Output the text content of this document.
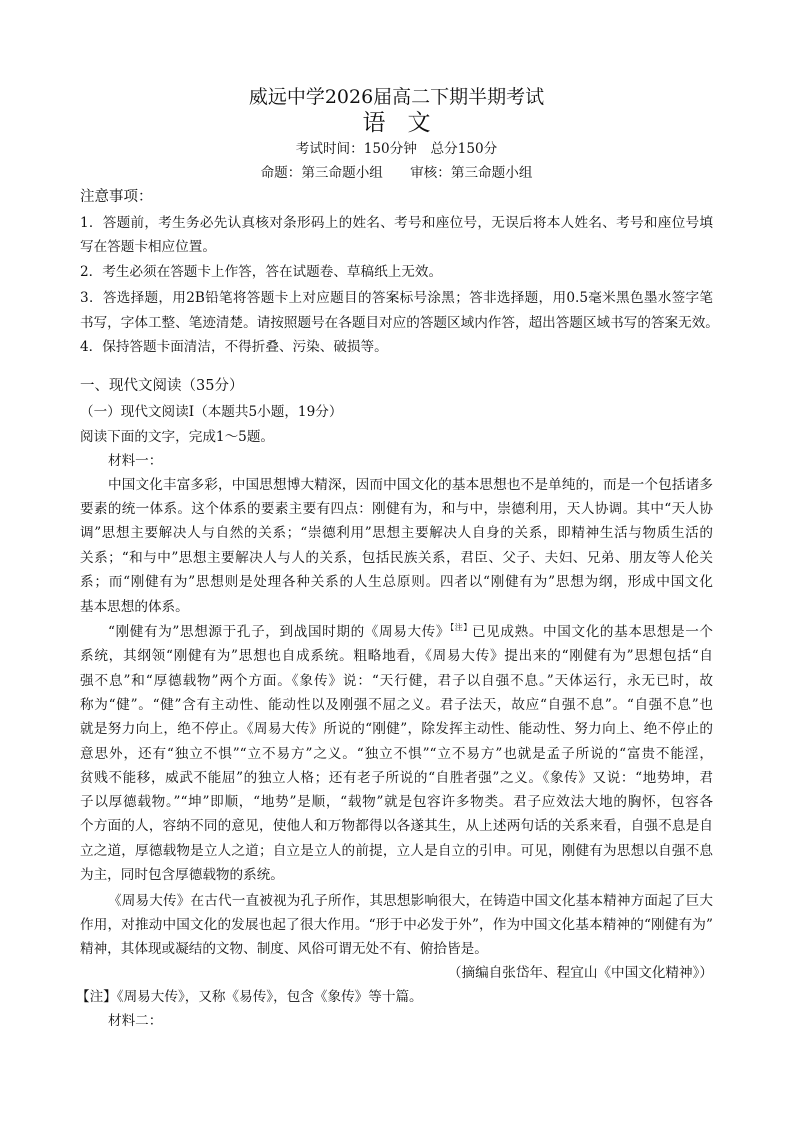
威远中学2026届高二下期半期考试
语文
考试时间：150分钟　总分150分
命题：第三命题小组　　审核：第三命题小组
注意事项：
1．答题前，考生务必先认真核对条形码上的姓名、考号和座位号，无误后将本人姓名、考号和座位号填
写在答题卡相应位置。
2．考生必须在答题卡上作答，答在试题卷、草稿纸上无效。
3．答选择题，用2B铅笔将答题卡上对应题目的答案标号涂黑；答非选择题，用0.5毫米黑色墨水签字笔
书写，字体工整、笔迹清楚。请按照题号在各题目对应的答题区域内作答，超出答题区域书写的答案无效。
4．保持答题卡面清洁，不得折叠、污染、破损等。
一、现代文阅读（35分）
（一）现代文阅读Ⅰ（本题共5小题，19分）
阅读下面的文字，完成1～5题。
材料一：
中国文化丰富多彩，中国思想博大精深，因而中国文化的基本思想也不是单纯的，而是一个包括诸多
要素的统一体系。这个体系的要素主要有四点：刚健有为，和与中，崇德利用，天人协调。其中“天人协
调”思想主要解决人与自然的关系；“崇德利用”思想主要解决人自身的关系，即精神生活与物质生活的
关系；“和与中”思想主要解决人与人的关系，包括民族关系，君臣、父子、夫妇、兄弟、朋友等人伦关
系；而“刚健有为”思想则是处理各种关系的人生总原则。四者以“刚健有为”思想为纲，形成中国文化
基本思想的体系。
“刚健有为”思想源于孔子，到战国时期的《周易大传》$^{【注】}$已见成熟。中国文化的基本思想是一个
系统，其纲领“刚健有为”思想也自成系统。粗略地看，《周易大传》提出来的“刚健有为”思想包括“自
强不息”和“厚德载物”两个方面。《象传》说：“天行健，君子以自强不息。”天体运行，永无已时，故
称为“健”。“健”含有主动性、能动性以及刚强不屈之义。君子法天，故应“自强不息”。“自强不息”也
就是努力向上，绝不停止。《周易大传》所说的“刚健”，除发挥主动性、能动性、努力向上、绝不停止的
意思外，还有“独立不惧”“立不易方”之义。“独立不惧”“立不易方”也就是孟子所说的“富贵不能淫，
贫贱不能移，威武不能屈”的独立人格；还有老子所说的“自胜者强”之义。《象传》又说：“地势坤，君
子以厚德载物。”“坤”即顺，“地势”是顺，“载物”就是包容许多物类。君子应效法大地的胸怀，包容各
个方面的人，容纳不同的意见，使他人和万物都得以各遂其生，从上述两句话的关系来看，自强不息是自
立之道，厚德载物是立人之道；自立是立人的前提，立人是自立的引申。可见，刚健有为思想以自强不息
为主，同时包含厚德载物的系统。
《周易大传》在古代一直被视为孔子所作，其思想影响很大，在铸造中国文化基本精神方面起了巨大
作用，对推动中国文化的发展也起了很大作用。“形于中必发于外”，作为中国文化基本精神的“刚健有为”
精神，其体现或凝结的文物、制度、风俗可谓无处不有、俯拾皆是。
（摘编自张岱年、程宜山《中国文化精神》）
【注】《周易大传》，又称《易传》，包含《象传》等十篇。
材料二：
